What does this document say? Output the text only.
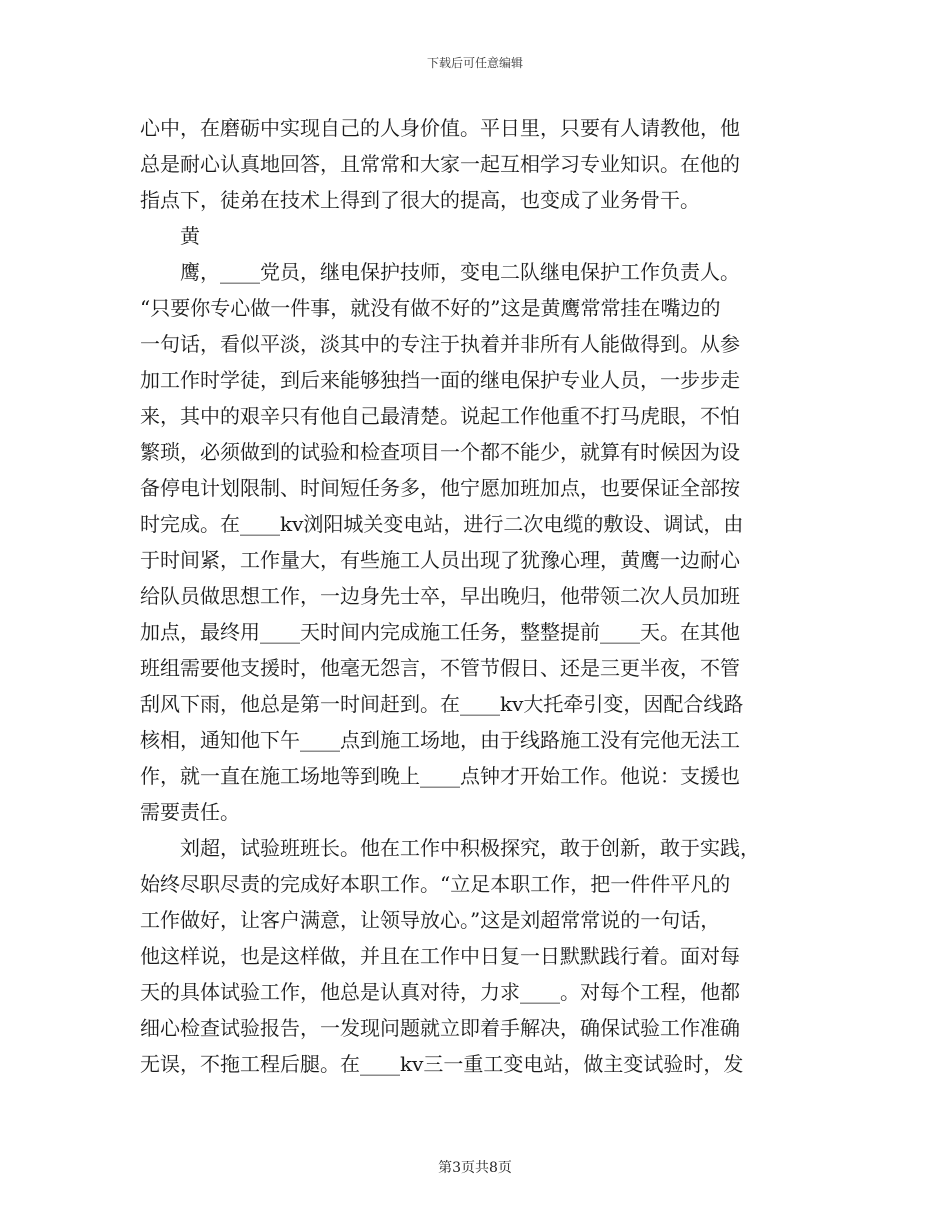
下载后可任意编辑
心中，在磨砺中实现自己的人身价值。平日里，只要有人请教他，他
总是耐心认真地回答，且常常和大家一起互相学习专业知识。在他的
指点下，徒弟在技术上得到了很大的提高，也变成了业务骨干。
　　黄
　　鹰，____党员，继电保护技师，变电二队继电保护工作负责人。
“只要你专心做一件事，就没有做不好的”这是黄鹰常常挂在嘴边的
一句话，看似平淡，淡其中的专注于执着并非所有人能做得到。从参
加工作时学徒，到后来能够独挡一面的继电保护专业人员，一步步走
来，其中的艰辛只有他自己最清楚。说起工作他重不打马虎眼，不怕
繁琐，必须做到的试验和检查项目一个都不能少，就算有时候因为设
备停电计划限制、时间短任务多，他宁愿加班加点，也要保证全部按
时完成。在____kv浏阳城关变电站，进行二次电缆的敷设、调试，由
于时间紧，工作量大，有些施工人员出现了犹豫心理，黄鹰一边耐心
给队员做思想工作，一边身先士卒，早出晚归，他带领二次人员加班
加点，最终用____天时间内完成施工任务，整整提前____天。在其他
班组需要他支援时，他毫无怨言，不管节假日、还是三更半夜，不管
刮风下雨，他总是第一时间赶到。在____kv大托牵引变，因配合线路
核相，通知他下午____点到施工场地，由于线路施工没有完他无法工
作，就一直在施工场地等到晚上____点钟才开始工作。他说：支援也
需要责任。
　　刘超，试验班班长。他在工作中积极探究，敢于创新，敢于实践，
始终尽职尽责的完成好本职工作。“立足本职工作，把一件件平凡的
工作做好，让客户满意，让领导放心。”这是刘超常常说的一句话，
他这样说，也是这样做，并且在工作中日复一日默默践行着。面对每
天的具体试验工作，他总是认真对待，力求____。对每个工程，他都
细心检查试验报告，一发现问题就立即着手解决，确保试验工作准确
无误，不拖工程后腿。在____kv三一重工变电站，做主变试验时，发
第3页共8页
